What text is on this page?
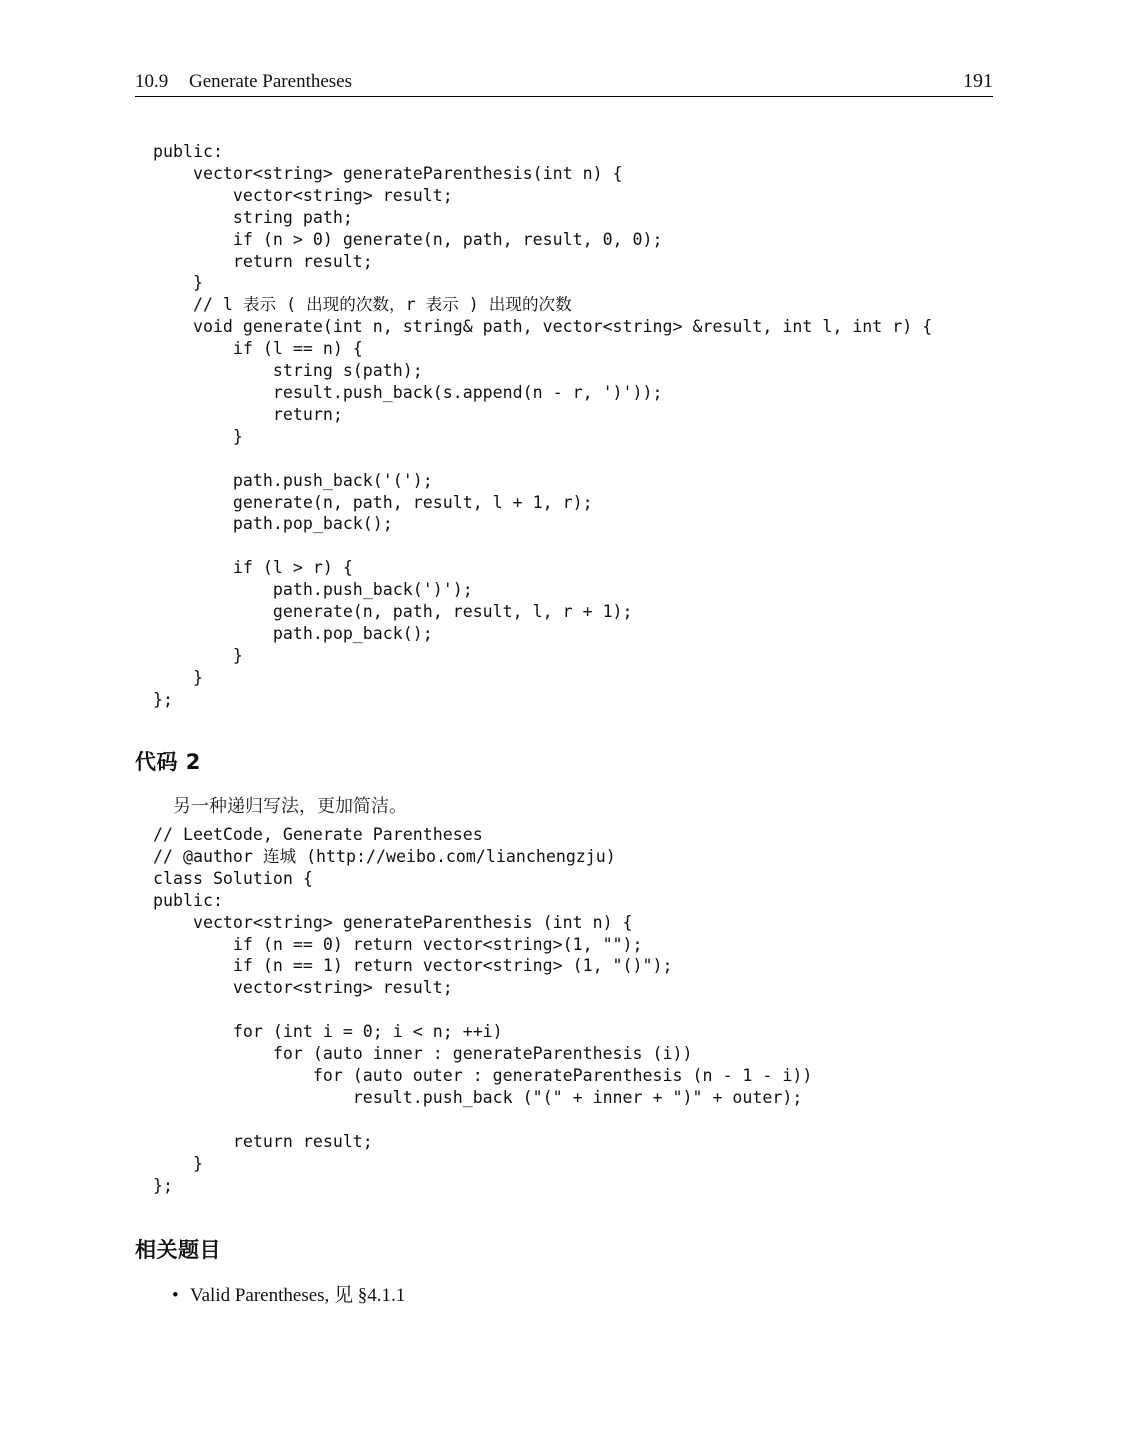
10.9 Generate Parentheses	191
public:
vector<string> generateParenthesis(int n) {
vector<string> result;
string path;
if (n > 0) generate(n, path, result, 0, 0);
return result;
}
// l 表示 ( 出现的次数，r 表示 ) 出现的次数
void generate(int n, string& path, vector<string> &result, int l, int r) {
if (l == n) {
string s(path);
result.push_back(s.append(n - r, ')'));
return;
}

path.push_back('(');
generate(n, path, result, l + 1, r);
path.pop_back();

if (l > r) {
path.push_back(')');
generate(n, path, result, l, r + 1);
path.pop_back();
}
}
};
代码 2
另一种递归写法，更加简洁。
// LeetCode, Generate Parentheses
// @author 连城 (http://weibo.com/lianchengzju)
class Solution {
public:
vector<string> generateParenthesis (int n) {
if (n == 0) return vector<string>(1, "");
if (n == 1) return vector<string> (1, "()");
vector<string> result;

for (int i = 0; i < n; ++i)
for (auto inner : generateParenthesis (i))
for (auto outer : generateParenthesis (n - 1 - i))
result.push_back ("(" + inner + ")" + outer);

return result;
}
};
相关题目
• Valid Parentheses, 见 §4.1.1
